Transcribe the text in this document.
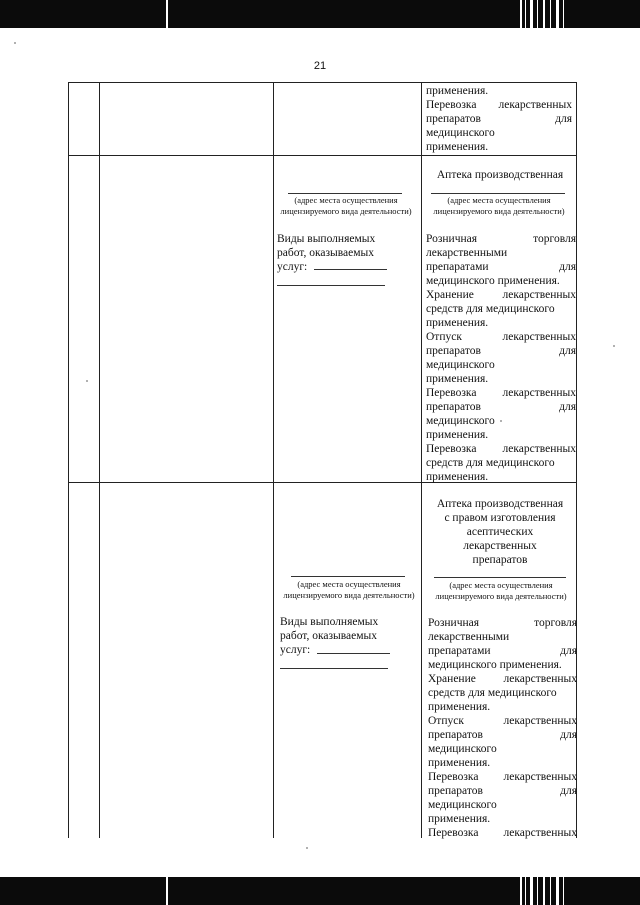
21
применения.
Перевозка лекарственных
препаратов для
медицинского
применения.
(адрес места осуществления лицензируемого вида деятельности)
Виды выполняемых
работ, оказываемых
услуг:
Аптека производственная
(адрес места осуществления лицензируемого вида деятельности)
Розничная торговля
лекарственными
препаратами для
медицинского применения.
Хранение лекарственных
средств для медицинского
применения.
Отпуск лекарственных
препаратов для
медицинского
применения.
Перевозка лекарственных
препаратов для
медицинского
применения.
Перевозка лекарственных
средств для медицинского
применения.
(адрес места осуществления лицензируемого вида деятельности)
Виды выполняемых
работ, оказываемых
услуг:
Аптека производственная
с правом изготовления
асептических
лекарственных
препаратов
(адрес места осуществления лицензируемого вида деятельности)
Розничная торговля
лекарственными
препаратами для
медицинского применения.
Хранение лекарственных
средств для медицинского
применения.
Отпуск лекарственных
препаратов для
медицинского
применения.
Перевозка лекарственных
препаратов для
медицинского
применения.
Перевозка лекарственных
